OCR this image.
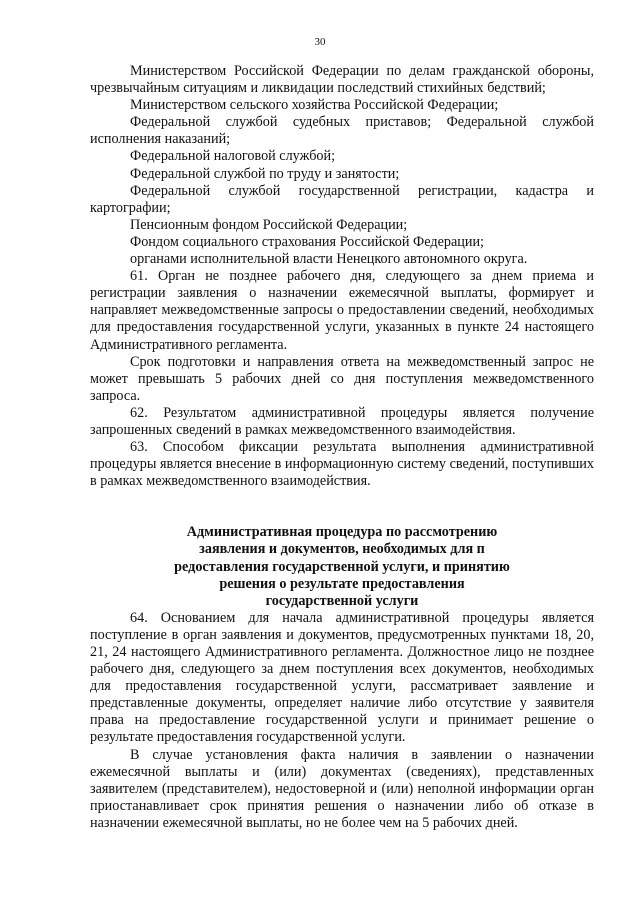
30

Министерством Российской Федерации по делам гражданской обороны, чрезвычайным ситуациям и ликвидации последствий стихийных бедствий;

Министерством сельского хозяйства Российской Федерации;

Федеральной службой судебных приставов; Федеральной службой исполнения наказаний;

Федеральной налоговой службой;

Федеральной службой по труду и занятости;

Федеральной службой государственной регистрации, кадастра и картографии;

Пенсионным фондом Российской Федерации;

Фондом социального страхования Российской Федерации;

органами исполнительной власти Ненецкого автономного округа.

61. Орган не позднее рабочего дня, следующего за днем приема и регистрации заявления о назначении ежемесячной выплаты, формирует и направляет межведомственные запросы о предоставлении сведений, необходимых для предоставления государственной услуги, указанных в пункте 24 настоящего Административного регламента.

Срок подготовки и направления ответа на межведомственный запрос не может превышать 5 рабочих дней со дня поступления межведомственного запроса.

62. Результатом административной процедуры является получение запрошенных сведений в рамках межведомственного взаимодействия.

63. Способом фиксации результата выполнения административной процедуры является внесение в информационную систему сведений, поступивших в рамках межведомственного взаимодействия.

Административная процедура по рассмотрению
заявления и документов, необходимых для п
редоставления государственной услуги, и принятию
решения о результате предоставления
государственной услуги

64. Основанием для начала административной процедуры является поступление в орган заявления и документов, предусмотренных пунктами 18, 20, 21, 24 настоящего Административного регламента. Должностное лицо не позднее рабочего дня, следующего за днем поступления всех документов, необходимых для предоставления государственной услуги, рассматривает заявление и представленные документы, определяет наличие либо отсутствие у заявителя права на предоставление государственной услуги и принимает решение о результате предоставления государственной услуги.

В случае установления факта наличия в заявлении о назначении ежемесячной выплаты и (или) документах (сведениях), представленных заявителем (представителем), недостоверной и (или) неполной информации орган приостанавливает срок принятия решения о назначении либо об отказе в назначении ежемесячной выплаты, но не более чем на 5 рабочих дней.
